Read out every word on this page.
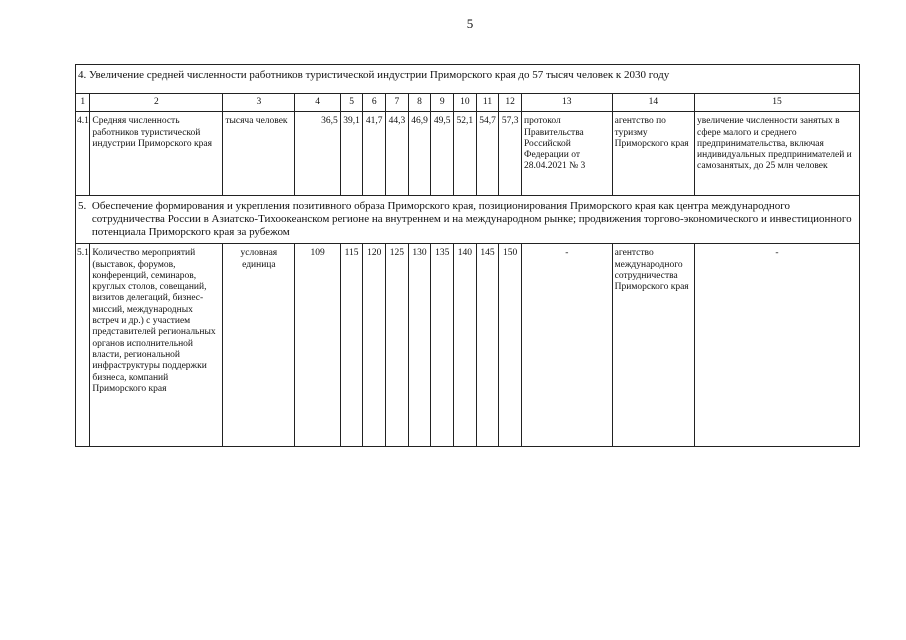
5
4. Увеличение средней численности работников туристической индустрии Приморского края до 57 тысяч человек к 2030 году														
1	2	3	4	5	6	7	8	9	10	11	12	13	14	15
4.1	Средняя численность работников туристической индустрии Приморского края	тысяча человек	36,5	39,1	41,7	44,3	46,9	49,5	52,1	54,7	57,3	протокол Правительства Российской Федерации от 28.04.2021 № 3	агентство по туризму Приморского края	увеличение численности занятых в сфере малого и среднего предпринимательства, включая индивидуальных предпринимателей и самозанятых, до 25 млн человек
5.	Обеспечение формирования и укрепления позитивного образа Приморского края, позиционирования Приморского края как центра международного сотрудничества России в Азиатско-Тихоокеанском регионе на внутреннем и на международном рынке; продвижения торгово-экономического и инвестиционного потенциала Приморского края за рубежом													
5.1	Количество мероприятий (выставок, форумов, конференций, семинаров, круглых столов, совещаний, визитов делегаций, бизнес-миссий, международных встреч и др.) с участием представителей региональных органов исполнительной власти, региональной инфраструктуры поддержки бизнеса, компаний Приморского края	условная единица	109	115	120	125	130	135	140	145	150	-	агентство международного сотрудничества Приморского края	-
